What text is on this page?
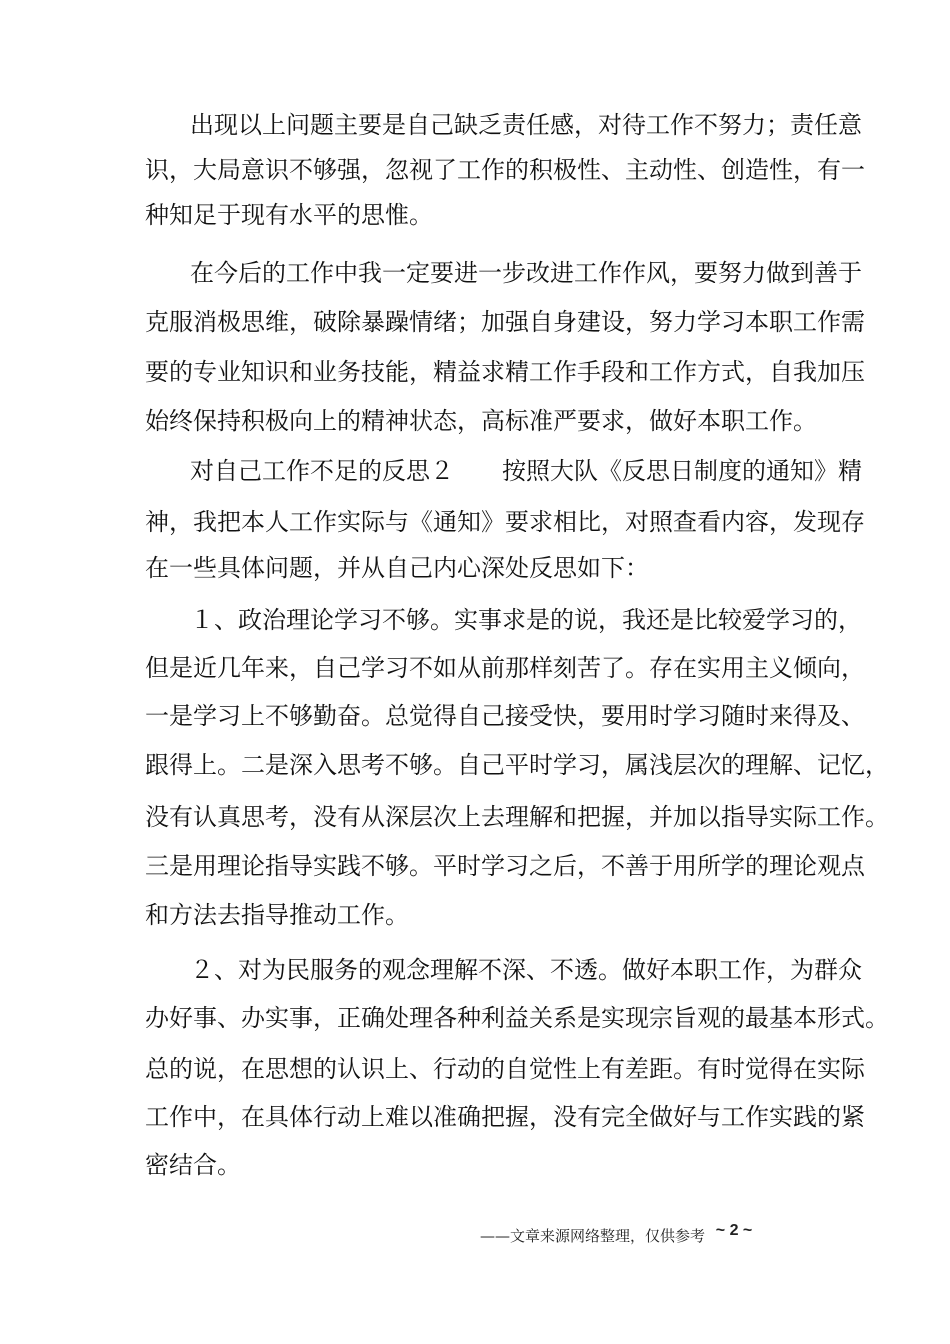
出现以上问题主要是自己缺乏责任感，对待工作不努力；责任意
识，大局意识不够强，忽视了工作的积极性、主动性、创造性，有一
种知足于现有水平的思惟。
在今后的工作中我一定要进一步改进工作作风，要努力做到善于
克服消极思维，破除暴躁情绪；加强自身建设，努力学习本职工作需
要的专业知识和业务技能，精益求精工作手段和工作方式，自我加压
始终保持积极向上的精神状态，高标准严要求，做好本职工作。
对自己工作不足的反思２　　按照大队《反思日制度的通知》精
神，我把本人工作实际与《通知》要求相比，对照查看内容，发现存
在一些具体问题，并从自己内心深处反思如下：
１、政治理论学习不够。实事求是的说，我还是比较爱学习的，
但是近几年来，自己学习不如从前那样刻苦了。存在实用主义倾向，
一是学习上不够勤奋。总觉得自己接受快，要用时学习随时来得及、
跟得上。二是深入思考不够。自己平时学习，属浅层次的理解、记忆，
没有认真思考，没有从深层次上去理解和把握，并加以指导实际工作。
三是用理论指导实践不够。平时学习之后，不善于用所学的理论观点
和方法去指导推动工作。
２、对为民服务的观念理解不深、不透。做好本职工作，为群众
办好事、办实事，正确处理各种利益关系是实现宗旨观的最基本形式。
总的说，在思想的认识上、行动的自觉性上有差距。有时觉得在实际
工作中，在具体行动上难以准确把握，没有完全做好与工作实践的紧
密结合。
——文章来源网络整理，仅供参考 ~ 2 ~
